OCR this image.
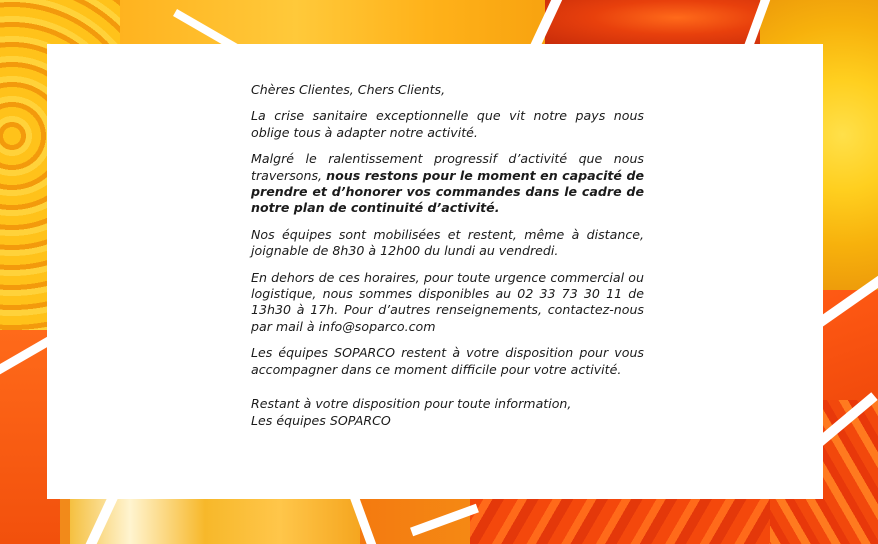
Chères Clientes, Chers Clients,

La crise sanitaire exceptionnelle que vit notre pays nous oblige tous à adapter notre activité.

Malgré le ralentissement progressif d’activité que nous traversons, nous restons pour le moment en capacité de prendre et d’honorer vos commandes dans le cadre de notre plan de continuité d’activité.

Nos équipes sont mobilisées et restent, même à distance, joignable de 8h30 à 12h00 du lundi au vendredi.

En dehors de ces horaires, pour toute urgence commercial ou logistique, nous sommes disponibles au 02 33 73 30 11 de 13h30 à 17h. Pour d’autres renseignements, contactez-nous par mail à info@soparco.com

Les équipes SOPARCO restent à votre disposition pour vous accompagner dans ce moment difficile pour votre activité.

Restant à votre disposition pour toute information,
Les équipes SOPARCO
